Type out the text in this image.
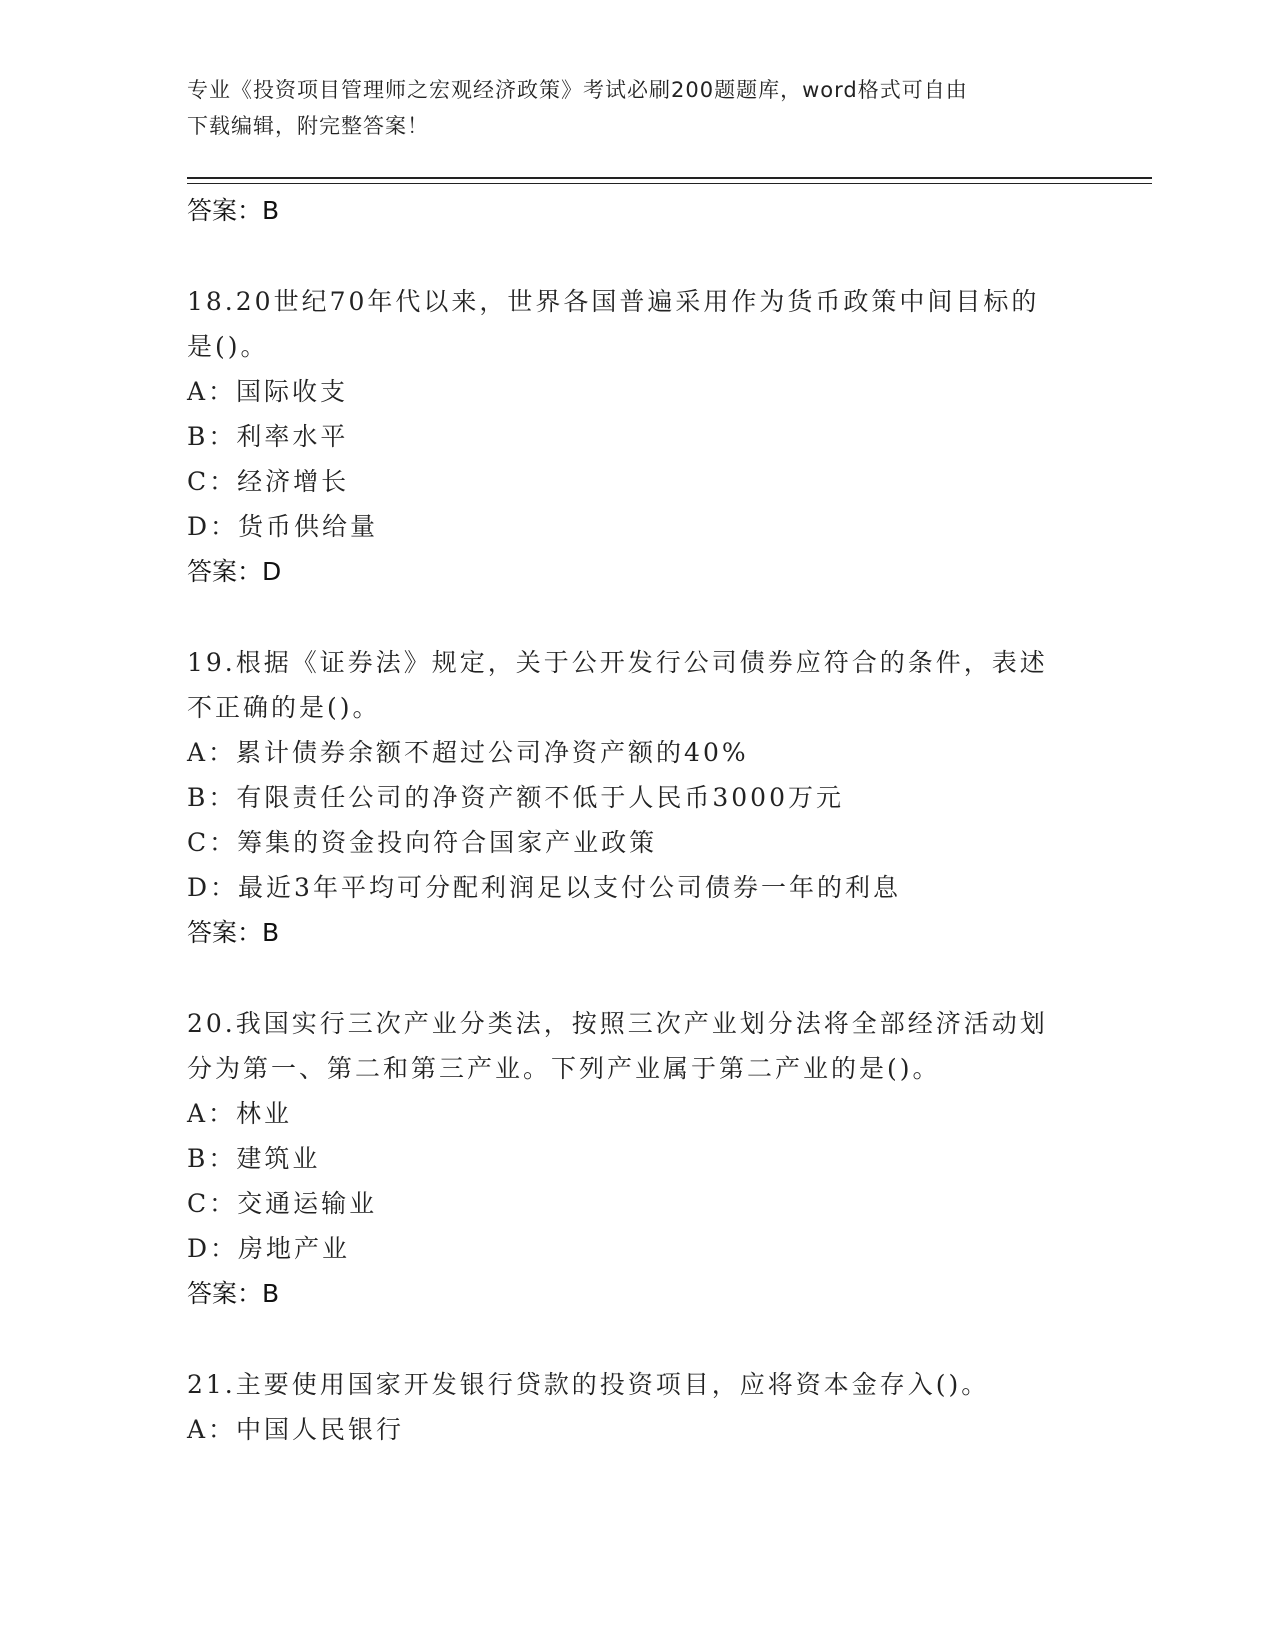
专业《投资项目管理师之宏观经济政策》考试必刷200题题库，word格式可自由
下载编辑，附完整答案！
答案：B
18.20世纪70年代以来，世界各国普遍采用作为货币政策中间目标的
是()。
A：国际收支
B：利率水平
C：经济增长
D：货币供给量
答案：D
19.根据《证券法》规定，关于公开发行公司债券应符合的条件，表述
不正确的是()。
A：累计债券余额不超过公司净资产额的40%
B：有限责任公司的净资产额不低于人民币3000万元
C：筹集的资金投向符合国家产业政策
D：最近3年平均可分配利润足以支付公司债券一年的利息
答案：B
20.我国实行三次产业分类法，按照三次产业划分法将全部经济活动划
分为第一、第二和第三产业。下列产业属于第二产业的是()。
A：林业
B：建筑业
C：交通运输业
D：房地产业
答案：B
21.主要使用国家开发银行贷款的投资项目，应将资本金存入()。
A：中国人民银行
